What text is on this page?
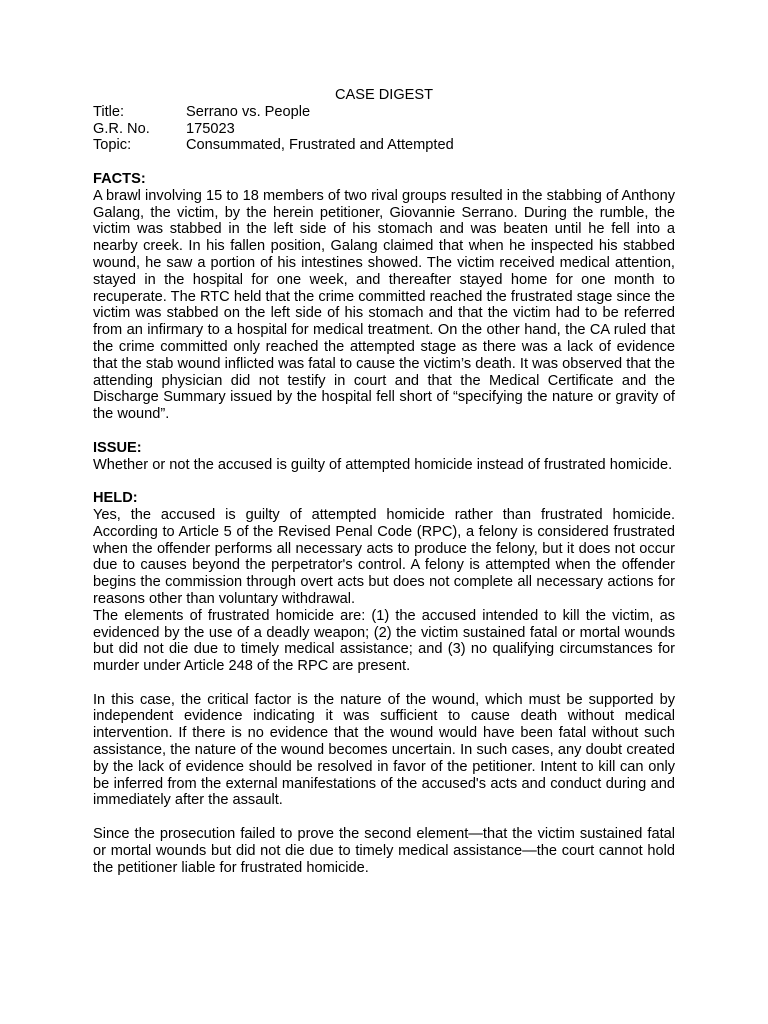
CASE DIGEST
Title:	Serrano vs. People
G.R. No.	175023
Topic:	Consummated, Frustrated and Attempted

FACTS:

A brawl involving 15 to 18 members of two rival groups resulted in the stabbing of Anthony Galang, the victim, by the herein petitioner, Giovannie Serrano. During the rumble, the victim was stabbed in the left side of his stomach and was beaten until he fell into a nearby creek. In his fallen position, Galang claimed that when he inspected his stabbed wound, he saw a portion of his intestines showed. The victim received medical attention, stayed in the hospital for one week, and thereafter stayed home for one month to recuperate. The RTC held that the crime committed reached the frustrated stage since the victim was stabbed on the left side of his stomach and that the victim had to be referred from an infirmary to a hospital for medical treatment. On the other hand, the CA ruled that the crime committed only reached the attempted stage as there was a lack of evidence that the stab wound inflicted was fatal to cause the victim’s death. It was observed that the attending physician did not testify in court and that the Medical Certificate and the Discharge Summary issued by the hospital fell short of “specifying the nature or gravity of the wound”.

ISSUE:

Whether or not the accused is guilty of attempted homicide instead of frustrated homicide.

HELD:

Yes, the accused is guilty of attempted homicide rather than frustrated homicide. According to Article 5 of the Revised Penal Code (RPC), a felony is considered frustrated when the offender performs all necessary acts to produce the felony, but it does not occur due to causes beyond the perpetrator's control. A felony is attempted when the offender begins the commission through overt acts but does not complete all necessary actions for reasons other than voluntary withdrawal.

The elements of frustrated homicide are: (1) the accused intended to kill the victim, as evidenced by the use of a deadly weapon; (2) the victim sustained fatal or mortal wounds but did not die due to timely medical assistance; and (3) no qualifying circumstances for murder under Article 248 of the RPC are present.

In this case, the critical factor is the nature of the wound, which must be supported by independent evidence indicating it was sufficient to cause death without medical intervention. If there is no evidence that the wound would have been fatal without such assistance, the nature of the wound becomes uncertain. In such cases, any doubt created by the lack of evidence should be resolved in favor of the petitioner. Intent to kill can only be inferred from the external manifestations of the accused's acts and conduct during and immediately after the assault.

Since the prosecution failed to prove the second element—that the victim sustained fatal or mortal wounds but did not die due to timely medical assistance—the court cannot hold the petitioner liable for frustrated homicide.
